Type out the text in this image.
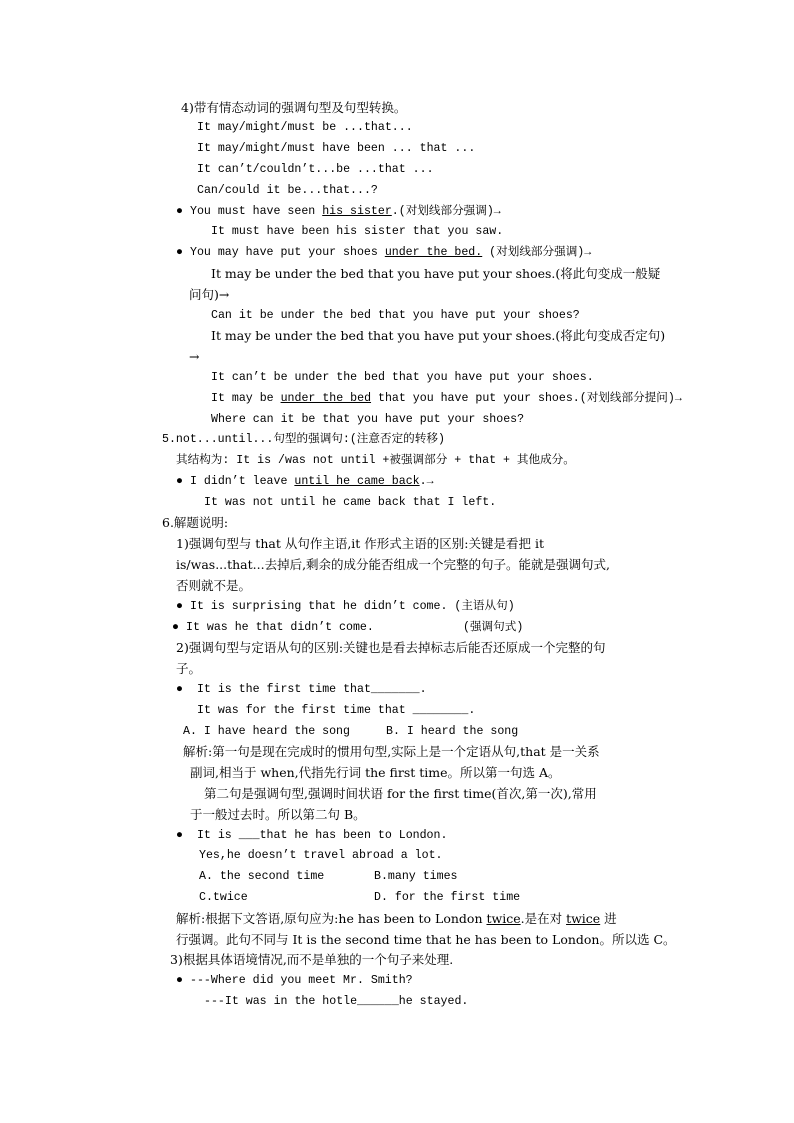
4)带有情态动词的强调句型及句型转换。
It may/might/must be ...that...
It may/might/must have been ... that ...
It can’t/couldn’t...be ...that ...
Can/could it be...that...?
● You must have seen his sister.(对划线部分强调)→
It must have been his sister that you saw.
● You may have put your shoes under the bed. (对划线部分强调)→
It may be under the bed that you have put your shoes.(将此句变成一般疑
问句)→
Can it be under the bed that you have put your shoes?
It may be under the bed that you have put your shoes.(将此句变成否定句)
→
It can’t be under the bed that you have put your shoes.
It may be under the bed that you have put your shoes.(对划线部分提问)→
Where can it be that you have put your shoes?
5.not...until...句型的强调句:(注意否定的转移)
其结构为: It is /was not until +被强调部分 + that + 其他成分。
● I didn’t leave until he came back.→
It was not until he came back that I left.
6.解题说明:
1)强调句型与 that 从句作主语,it 作形式主语的区别:关键是看把 it
is/was...that...去掉后,剩余的成分能否组成一个完整的句子。能就是强调句式,
否则就不是。
● It is surprising that he didn’t come. (主语从句)
● It was he that didn’t come.	(强调句式)
2)强调句型与定语从句的区别:关键也是看去掉标志后能否还原成一个完整的句
子。
● It is the first time that_______.
It was for the first time that ________.
A. I have heard the song	B. I heard the song
解析:第一句是现在完成时的惯用句型,实际上是一个定语从句,that 是一关系
副词,相当于 when,代指先行词 the first time。所以第一句选 A。
第二句是强调句型,强调时间状语 for the first time(首次,第一次),常用
于一般过去时。所以第二句 B。
● It is ___that he has been to London.
Yes,he doesn’t travel abroad a lot.
A. the second time	B.many times
C.twice	D. for the first time
解析:根据下文答语,原句应为:he has been to London twice.是在对 twice 进
行强调。此句不同与 It is the second time that he has been to London。所以选 C。
3)根据具体语境情况,而不是单独的一个句子来处理.
● ---Where did you meet Mr. Smith?
---It was in the hotle______he stayed.
